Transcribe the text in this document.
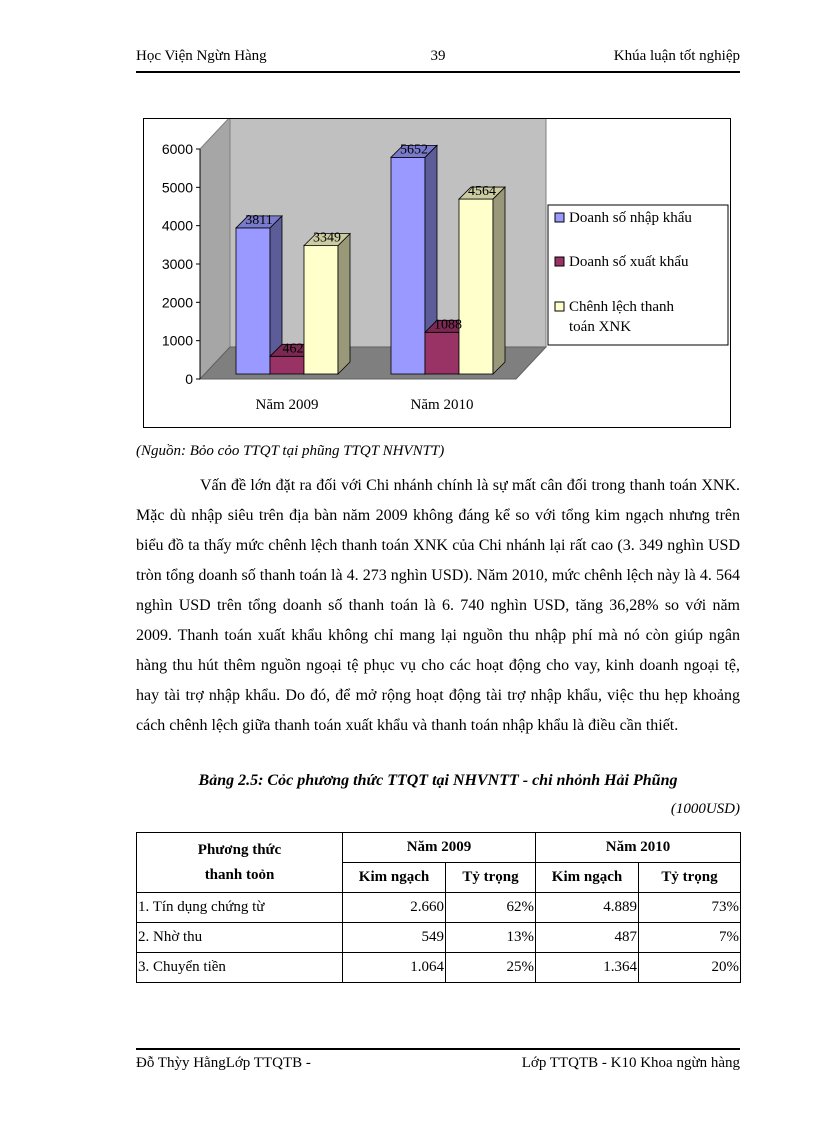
Học Viện Ngừn Hàng	39	Khúa luận tốt nghiệp
0
1000
2000
3000
4000
5000
6000
3811
462
3349
5652
1088
4564
Năm 2009	Năm 2010
Doanh số nhập khẩu
Doanh số xuất khẩu
Chênh lệch thanh
toán XNK
(Nguồn: Bỏo cỏo TTQT tại phũng TTQT NHVNTT)

Vấn đề lớn đặt ra đối với Chi nhánh chính là sự mất cân đối trong thanh toán XNK. Mặc dù nhập siêu trên địa bàn năm 2009 không đáng kể so với tổng kim ngạch nhưng trên biểu đồ ta thấy mức chênh lệch thanh toán XNK của Chi nhánh lại rất cao (3. 349 nghìn USD tròn tổng doanh số thanh toán là 4. 273 nghìn USD). Năm 2010, mức chênh lệch này là 4. 564 nghìn USD trên tổng doanh số thanh toán là 6. 740 nghìn USD, tăng 36,28% so với năm 2009. Thanh toán xuất khẩu không chỉ mang lại nguồn thu nhập phí mà nó còn giúp ngân hàng thu hút thêm nguồn ngoại tệ phục vụ cho các hoạt động cho vay, kinh doanh ngoại tệ, hay tài trợ nhập khẩu. Do đó, để mở rộng hoạt động tài trợ nhập khẩu, việc thu hẹp khoảng cách chênh lệch giữa thanh toán xuất khẩu và thanh toán nhập khẩu là điều cần thiết.

Bảng 2.5: Cỏc phương thức TTQT tại NHVNTT - chi nhỏnh Hải Phũng
(1000USD)
Phương thức
thanh toỏn	Năm 2009		Năm 2010	
	Kim ngạch	Tỷ trọng	Kim ngạch	Tỷ trọng
1. Tín dụng chứng từ	2.660	62%	4.889	73%
2. Nhờ thu	549	13%	487	7%
3. Chuyển tiền	1.064	25%	1.364	20%
Đỗ Thỳy HằngLớp TTQTB -	Lớp TTQTB - K10 Khoa ngừn hàng
